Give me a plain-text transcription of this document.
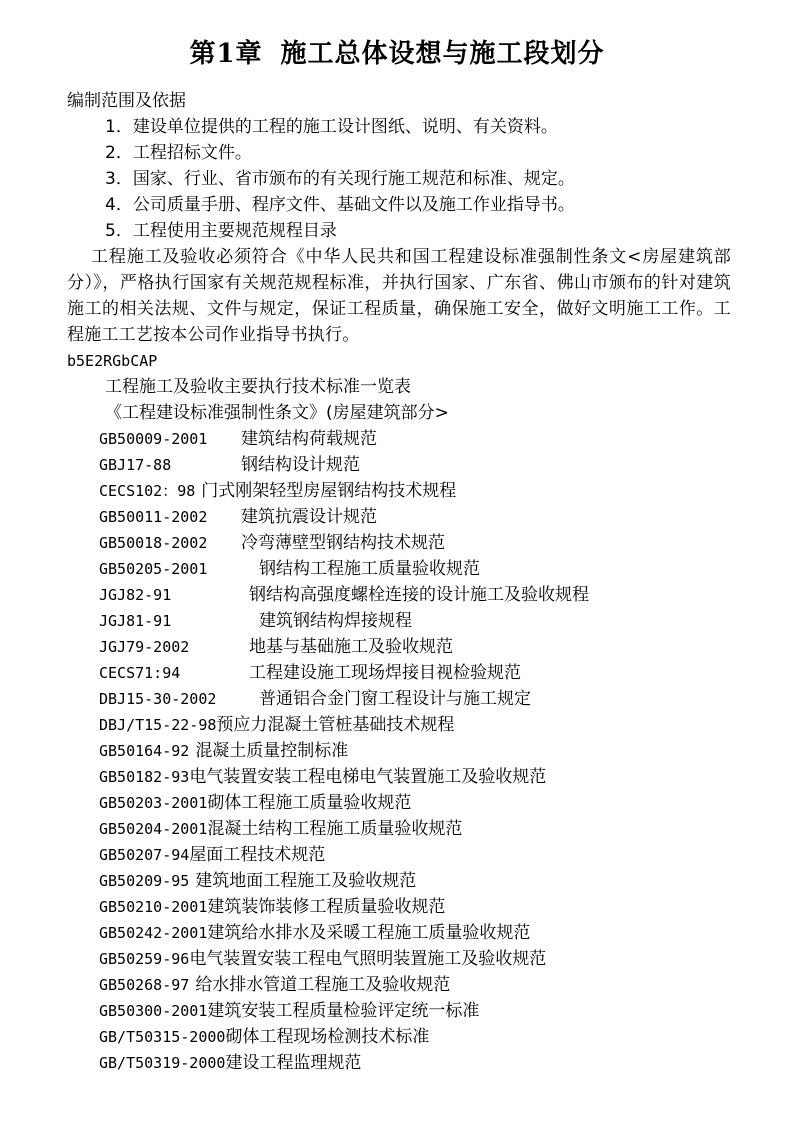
第1章 施工总体设想与施工段划分
编制范围及依据
1．建设单位提供的工程的施工设计图纸、说明、有关资料。
2．工程招标文件。
3．国家、行业、省市颁布的有关现行施工规范和标准、规定。
4．公司质量手册、程序文件、基础文件以及施工作业指导书。
5．工程使用主要规范规程目录
工程施工及验收必须符合《中华人民共和国工程建设标准强制性条文<房屋建筑部分）》，严格执行国家有关规范规程标准，并执行国家、广东省、佛山市颁布的针对建筑施工的相关法规、文件与规定，保证工程质量，确保施工安全，做好文明施工工作。工程施工工艺按本公司作业指导书执行。
b5E2RGbCAP
工程施工及验收主要执行技术标准一览表
《工程建设标准强制性条文》(房屋建筑部分>
GB50009-2001	建筑结构荷载规范
GBJ17-88	钢结构设计规范
CECS102：98 门式刚架轻型房屋钢结构技术规程
GB50011-2002	建筑抗震设计规范
GB50018-2002	冷弯薄壁型钢结构技术规范
GB50205-2001	钢结构工程施工质量验收规范
JGJ82-91	钢结构高强度螺栓连接的设计施工及验收规程
JGJ81-91	建筑钢结构焊接规程
JGJ79-2002	地基与基础施工及验收规范
CECS71:94	工程建设施工现场焊接目视检验规范
DBJ15-30-2002	普通铝合金门窗工程设计与施工规定
DBJ/T15-22-98 预应力混凝土管桩基础技术规程
GB50164-92 混凝土质量控制标准
GB50182-93 电气装置安装工程电梯电气装置施工及验收规范
GB50203-2001 砌体工程施工质量验收规范
GB50204-2001 混凝土结构工程施工质量验收规范
GB50207-94 屋面工程技术规范
GB50209-95 建筑地面工程施工及验收规范
GB50210-2001 建筑装饰装修工程质量验收规范
GB50242-2001 建筑给水排水及采暖工程施工质量验收规范
GB50259-96 电气装置安装工程电气照明装置施工及验收规范
GB50268-97 给水排水管道工程施工及验收规范
GB50300-2001 建筑安装工程质量检验评定统一标准
GB/T50315-2000 砌体工程现场检测技术标准
GB/T50319-2000 建设工程监理规范
